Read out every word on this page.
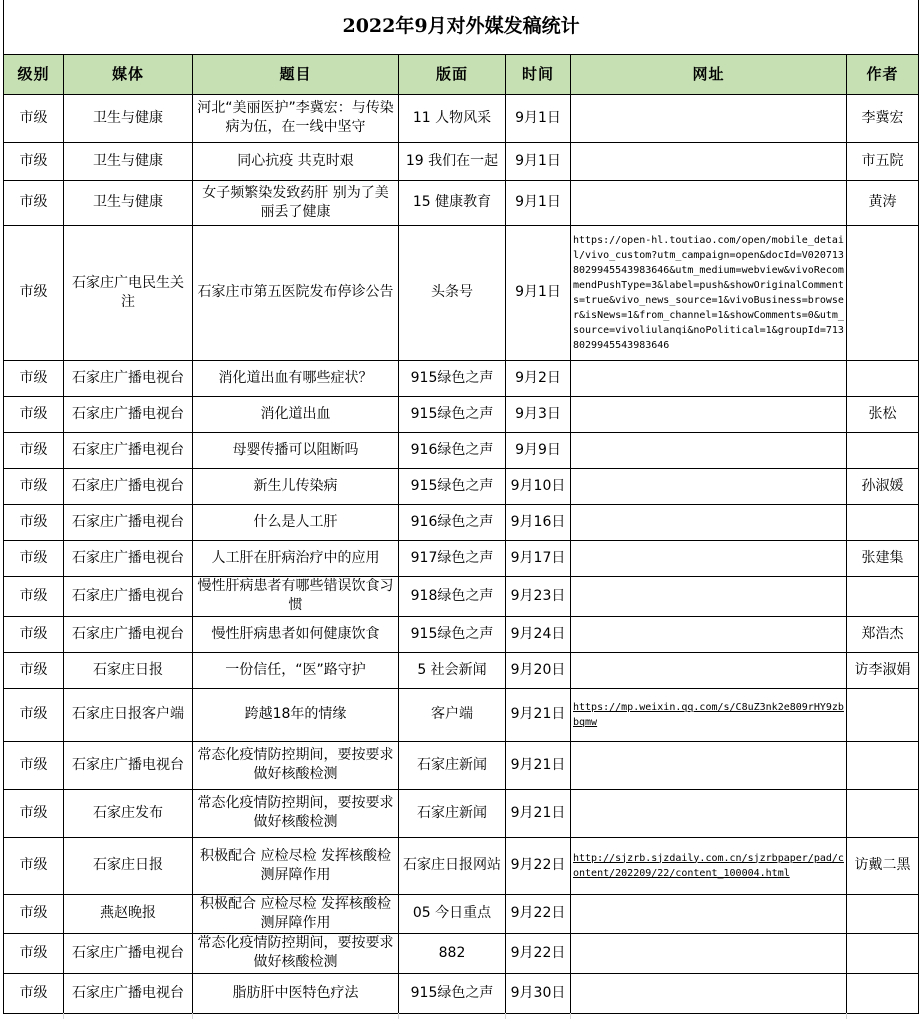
2022年9月对外媒发稿统计						
级别	媒体	题目	版面	时间	网址	作者
市级	卫生与健康	河北“美丽医护”李冀宏：与传染病为伍，在一线中坚守	11 人物风采	9月1日		李冀宏
市级	卫生与健康	同心抗疫 共克时艰	19 我们在一起	9月1日		市五院
市级	卫生与健康	女子频繁染发致药肝 别为了美丽丢了健康	15 健康教育	9月1日		黄涛
市级	石家庄广电民生关注	石家庄市第五医院发布停诊公告	头条号	9月1日	https://open-hl.toutiao.com/open/mobile_detail/vivo_custom?utm_campaign=open&docId=V0207138029945543983646&utm_medium=webview&vivoRecommendPushType=3&label=push&showOriginalComments=true&vivo_news_source=1&vivoBusiness=browser&isNews=1&from_channel=1&showComments=0&utm_source=vivoliulanqi&noPolitical=1&groupId=7138029945543983646	
市级	石家庄广播电视台	消化道出血有哪些症状？	915绿色之声	9月2日		
市级	石家庄广播电视台	消化道出血	915绿色之声	9月3日		张松
市级	石家庄广播电视台	母婴传播可以阻断吗	916绿色之声	9月9日		
市级	石家庄广播电视台	新生儿传染病	915绿色之声	9月10日		孙淑媛
市级	石家庄广播电视台	什么是人工肝	916绿色之声	9月16日		
市级	石家庄广播电视台	人工肝在肝病治疗中的应用	917绿色之声	9月17日		张建集
市级	石家庄广播电视台	慢性肝病患者有哪些错误饮食习惯	918绿色之声	9月23日		
市级	石家庄广播电视台	慢性肝病患者如何健康饮食	915绿色之声	9月24日		郑浩杰
市级	石家庄日报	一份信任，“医”路守护	5 社会新闻	9月20日		访李淑娟
市级	石家庄日报客户端	跨越18年的情缘	客户端	9月21日	https://mp.weixin.qq.com/s/C8uZ3nk2e809rHY9zbbqmw	
市级	石家庄广播电视台	常态化疫情防控期间，要按要求做好核酸检测	石家庄新闻	9月21日		
市级	石家庄发布	常态化疫情防控期间，要按要求做好核酸检测	石家庄新闻	9月21日		
市级	石家庄日报	积极配合 应检尽检 发挥核酸检测屏障作用	石家庄日报网站	9月22日	http://sjzrb.sjzdaily.com.cn/sjzrbpaper/pad/content/202209/22/content_100004.html	访戴二黑
市级	燕赵晚报	积极配合 应检尽检 发挥核酸检测屏障作用	05 今日重点	9月22日		
市级	石家庄广播电视台	常态化疫情防控期间，要按要求做好核酸检测	882	9月22日		
市级	石家庄广播电视台	脂肪肝中医特色疗法	915绿色之声	9月30日		
